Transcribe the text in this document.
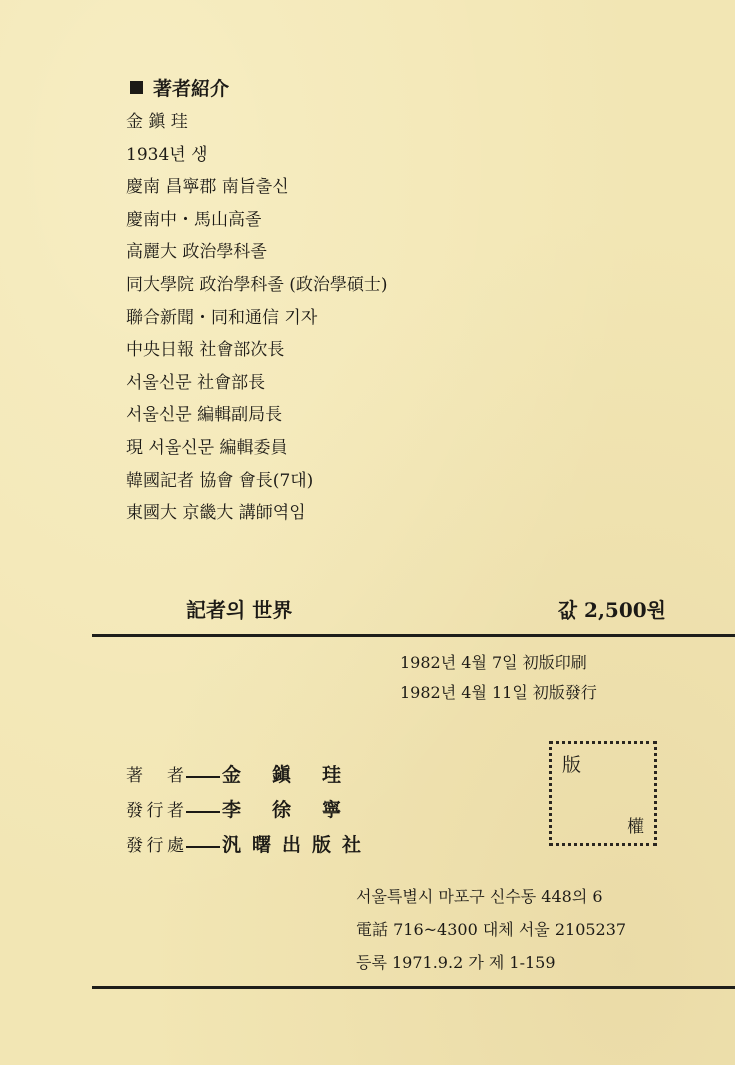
著者紹介
金 鎭 珪
1934년 생
慶南 昌寧郡 南旨출신
慶南中・馬山高졸
高麗大 政治學科졸
同大學院 政治學科졸 (政治學碩士)
聯合新聞・同和通信 기자
中央日報 社會部次長
서울신문 社會部長
서울신문 編輯副局長
現 서울신문 編輯委員
韓國記者 協會 會長(7대)
東國大 京畿大 講師역임
記者의 世界	값 2,500원
1982년 4월 7일 初版印刷
1982년 4월 11일 初版發行
著 者 金 鎭 珪
發行者 李 徐 寧
發行處 汎 曙 出 版 社
版
權
서울특별시 마포구 신수동 448의 6
電話 716~4300 대체 서울 2105237
등록 1971.9.2 가 제 1-159
